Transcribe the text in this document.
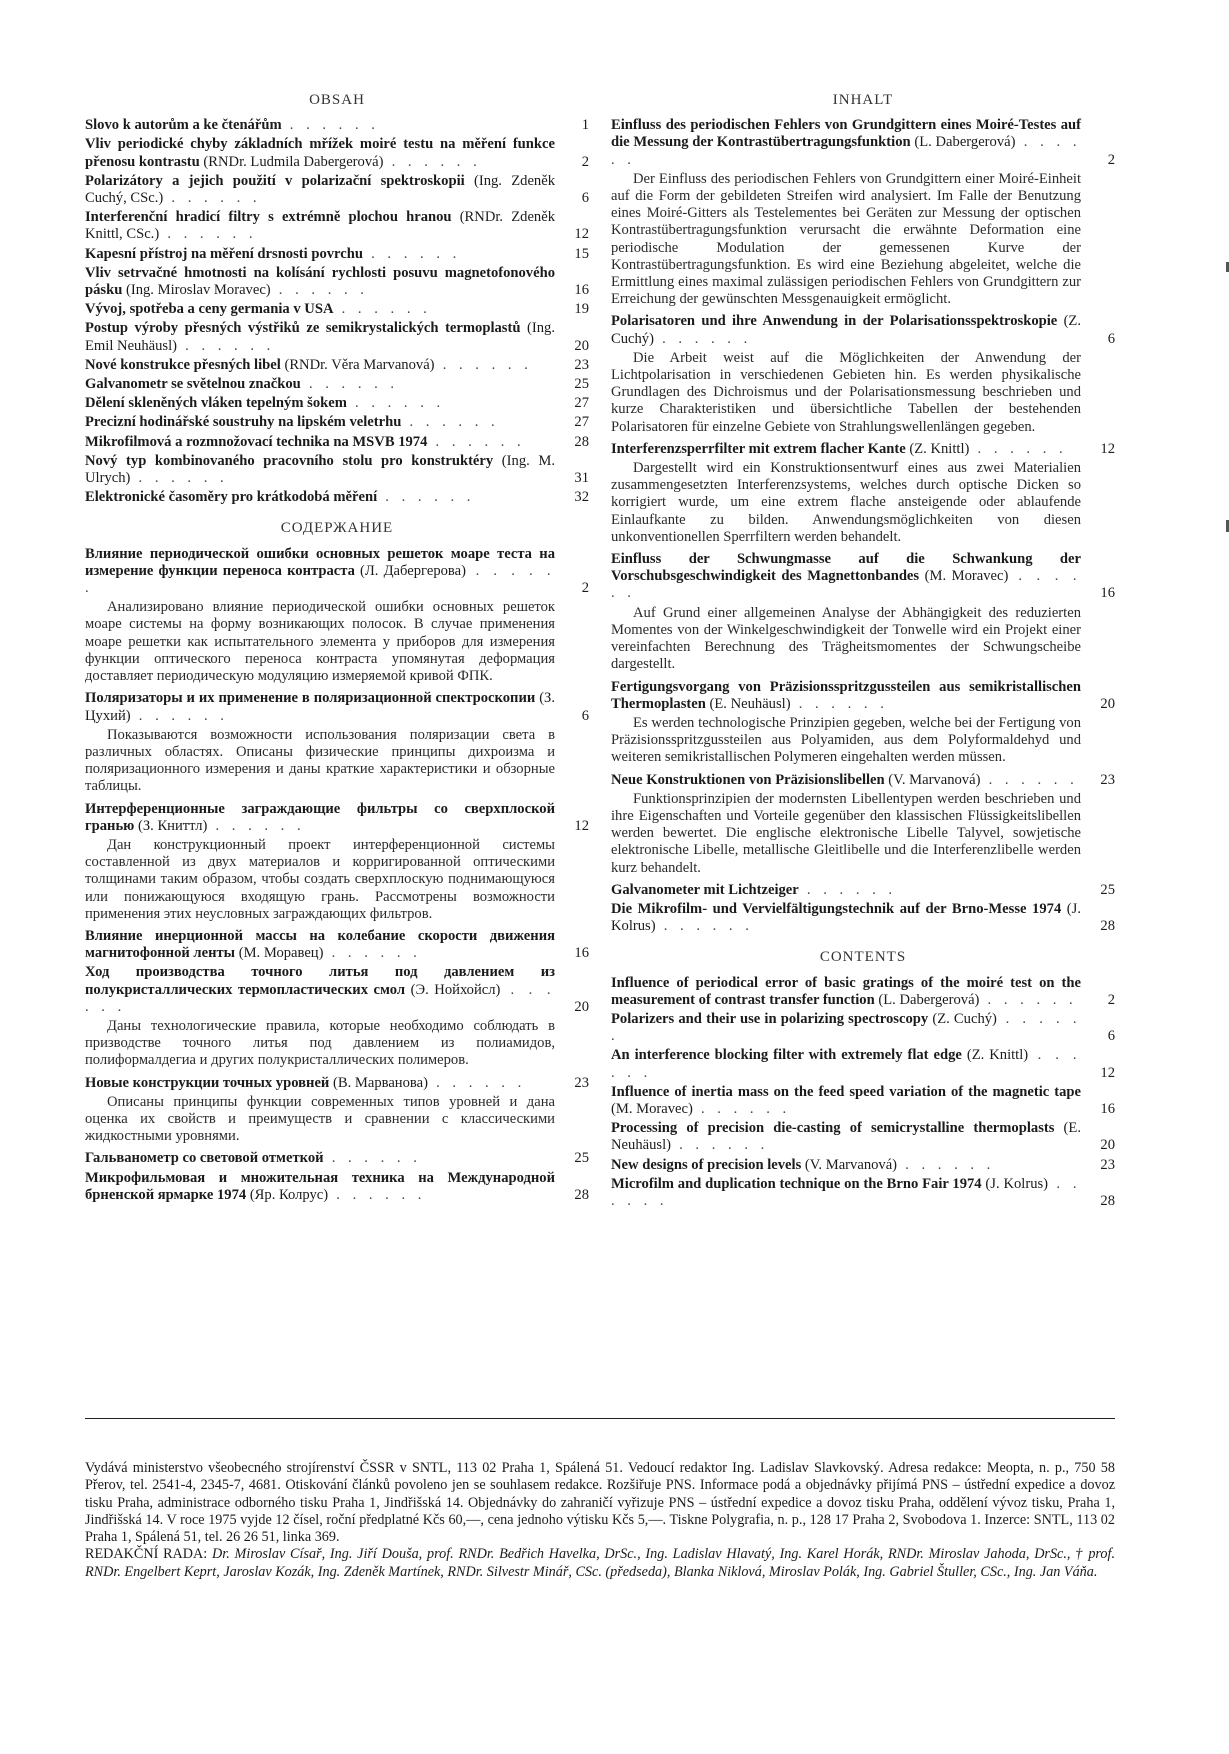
OBSAH
Slovo k autorům a ke čtenářům . . . . . .	1
Vliv periodické chyby základních mřížek moiré testu na měření funkce přenosu kontrastu (RNDr. Ludmila Dabergerová) . . . . . .	2
Polarizátory a jejich použití v polarizační spektroskopii (Ing. Zdeněk Cuchý, CSc.) . . . . . .	6
Interferenční hradicí filtry s extrémně plochou hranou (RNDr. Zdeněk Knittl, CSc.) . . . . . .	12
Kapesní přístroj na měření drsnosti povrchu . . . . . .	15
Vliv setrvačné hmotnosti na kolísání rychlosti posuvu magnetofonového pásku (Ing. Miroslav Moravec) . . . . . .	16
Vývoj, spotřeba a ceny germania v USA . . . . . .	19
Postup výroby přesných výstřiků ze semikrystalických termoplastů (Ing. Emil Neuhäusl) . . . . . .	20
Nové konstrukce přesných libel (RNDr. Věra Marvanová) . . . . . .	23
Galvanometr se světelnou značkou . . . . . .	25
Dělení skleněných vláken tepelným šokem . . . . . .	27
Precizní hodinářské soustruhy na lipském veletrhu . . . . . .	27
Mikrofilmová a rozmnožovací technika na MSVB 1974 . . . . . .	28
Nový typ kombinovaného pracovního stolu pro konstruktéry (Ing. M. Ulrych) . . . . . .	31
Elektronické časoměry pro krátkodobá měření . . . . . .	32
СОДЕРЖАНИЕ
Влияние периодической ошибки основных решеток моаре теста на измерение функции переноса контраста (Л. Дабергерова) . . . . . .	2
Анализировано влияние периодической ошибки основных решеток моаре системы на форму возникающих полосок. В случае применения моаре решетки как испытательного элемента у приборов для измерения функции оптического переноса контраста упомянутая деформация доставляет периодическую модуляцию измеряемой кривой ФПК.
Поляризаторы и их применение в поляризационной спектроскопии (З. Цухий) . . . . . .	6
Показываются возможности использования поляризации света в различных областях. Описаны физические принципы дихроизма и поляризационного измерения и даны краткие характеристики и обзорные таблицы.
Интерференционные заграждающие фильтры со сверхплоской гранью (З. Книттл) . . . . . .	12
Дан конструкционный проект интерференционной системы составленной из двух материалов и корригированной оптическими толщинами таким образом, чтобы создать сверхплоскую поднимающуюся или понижающуюся входящую грань. Рассмотрены возможности применения этих неусловных заграждающих фильтров.
Влияние инерционной массы на колебание скорости движения магнитофонной ленты (М. Моравец) . . . . . .	16
Ход производства точного литья под давлением из полукристаллических термопластических смол (Э. Нойхойсл) . . . . . .	20
Даны технологические правила, которые необходимо соблюдать в призводстве точного литья под давлением из полиамидов, полиформалдегиа и других полукристаллических полимеров.
Новые конструкции точных уровней (В. Марванова) . . . . . .	23
Описаны принципы функции современных типов уровней и дана оценка их свойств и преимуществ и сравнении с классическими жидкостными уровнями.
Гальванометр со световой отметкой . . . . . .	25
Микрофильмовая и множительная техника на Международной брненской ярмарке 1974 (Яр. Колрус) . . . . . .	28
INHALT
Einfluss des periodischen Fehlers von Grundgittern eines Moiré-Testes auf die Messung der Kontrastübertragungsfunktion (L. Dabergerová) . . . . . .	2
Der Einfluss des periodischen Fehlers von Grundgittern einer Moiré-Einheit auf die Form der gebildeten Streifen wird analysiert. Im Falle der Benutzung eines Moiré-Gitters als Testelementes bei Geräten zur Messung der optischen Kontrastübertragungsfunktion verursacht die erwähnte Deformation eine periodische Modulation der gemessenen Kurve der Kontrastübertragungsfunktion. Es wird eine Beziehung abgeleitet, welche die Ermittlung eines maximal zulässigen periodischen Fehlers von Grundgittern zur Erreichung der gewünschten Messgenauigkeit ermöglicht.
Polarisatoren und ihre Anwendung in der Polarisationsspektroskopie (Z. Cuchý) . . . . . .	6
Die Arbeit weist auf die Möglichkeiten der Anwendung der Lichtpolarisation in verschiedenen Gebieten hin. Es werden physikalische Grundlagen des Dichroismus und der Polarisationsmessung beschrieben und kurze Charakteristiken und übersichtliche Tabellen der bestehenden Polarisatoren für einzelne Gebiete von Strahlungswellenlängen gegeben.
Interferenzsperrfilter mit extrem flacher Kante (Z. Knittl) . . . . . .	12
Dargestellt wird ein Konstruktionsentwurf eines aus zwei Materialien zusammengesetzten Interferenzsystems, welches durch optische Dicken so korrigiert wurde, um eine extrem flache ansteigende oder ablaufende Einlaufkante zu bilden. Anwendungsmöglichkeiten von diesen unkonventionellen Sperrfiltern werden behandelt.
Einfluss der Schwungmasse auf die Schwankung der Vorschubsgeschwindigkeit des Magnettonbandes (M. Moravec) . . . . . .	16
Auf Grund einer allgemeinen Analyse der Abhängigkeit des reduzierten Momentes von der Winkelgeschwindigkeit der Tonwelle wird ein Projekt einer vereinfachten Berechnung des Trägheitsmomentes der Schwungscheibe dargestellt.
Fertigungsvorgang von Präzisionsspritzgussteilen aus semikristallischen Thermoplasten (E. Neuhäusl) . . . . . .	20
Es werden technologische Prinzipien gegeben, welche bei der Fertigung von Präzisionsspritzgussteilen aus Polyamiden, aus dem Polyformaldehyd und weiteren semikristallischen Polymeren eingehalten werden müssen.
Neue Konstruktionen von Präzisionslibellen (V. Marvanová) . . . . . .	23
Funktionsprinzipien der modernsten Libellentypen werden beschrieben und ihre Eigenschaften und Vorteile gegenüber den klassischen Flüssigkeitslibellen werden bewertet. Die englische elektronische Libelle Talyvel, sowjetische elektronische Libelle, metallische Gleitlibelle und die Interferenzlibelle werden kurz behandelt.
Galvanometer mit Lichtzeiger . . . . . .	25
Die Mikrofilm- und Vervielfältigungstechnik auf der Brno-Messe 1974 (J. Kolrus) . . . . . .	28
CONTENTS
Influence of periodical error of basic gratings of the moiré test on the measurement of contrast transfer function (L. Dabergerová) . . . . . .	2
Polarizers and their use in polarizing spectroscopy (Z. Cuchý) . . . . . .	6
An interference blocking filter with extremely flat edge (Z. Knittl) . . . . . .	12
Influence of inertia mass on the feed speed variation of the magnetic tape (M. Moravec) . . . . . .	16
Processing of precision die-casting of semicrystalline thermoplasts (E. Neuhäusl) . . . . . .	20
New designs of precision levels (V. Marvanová) . . . . . .	23
Microfilm and duplication technique on the Brno Fair 1974 (J. Kolrus) . . . . . .	28
Vydává ministerstvo všeobecného strojírenství ČSSR v SNTL, 113 02 Praha 1, Spálená 51. Vedoucí redaktor Ing. Ladislav Slavkovský. Adresa redakce: Meopta, n. p., 750 58 Přerov, tel. 2541-4, 2345-7, 4681. Otiskování článků povoleno jen se souhlasem redakce. Rozšiřuje PNS. Informace podá a objednávky přijímá PNS – ústřední expedice a dovoz tisku Praha, administrace odborného tisku Praha 1, Jindřišská 14. Objednávky do zahraničí vyřizuje PNS – ústřední expedice a dovoz tisku Praha, oddělení vývoz tisku, Praha 1, Jindřišská 14. V roce 1975 vyjde 12 čísel, roční předplatné Kčs 60,—, cena jednoho výtisku Kčs 5,—. Tiskne Polygrafia, n. p., 128 17 Praha 2, Svobodova 1. Inzerce: SNTL, 113 02 Praha 1, Spálená 51, tel. 26 26 51, linka 369.
REDAKČNÍ RADA: Dr. Miroslav Císař, Ing. Jiří Douša, prof. RNDr. Bedřich Havelka, DrSc., Ing. Ladislav Hlavatý, Ing. Karel Horák, RNDr. Miroslav Jahoda, DrSc., † prof. RNDr. Engelbert Keprt, Jaroslav Kozák, Ing. Zdeněk Martínek, RNDr. Silvestr Minář, CSc. (předseda), Blanka Niklová, Miroslav Polák, Ing. Gabriel Štuller, CSc., Ing. Jan Váňa.
